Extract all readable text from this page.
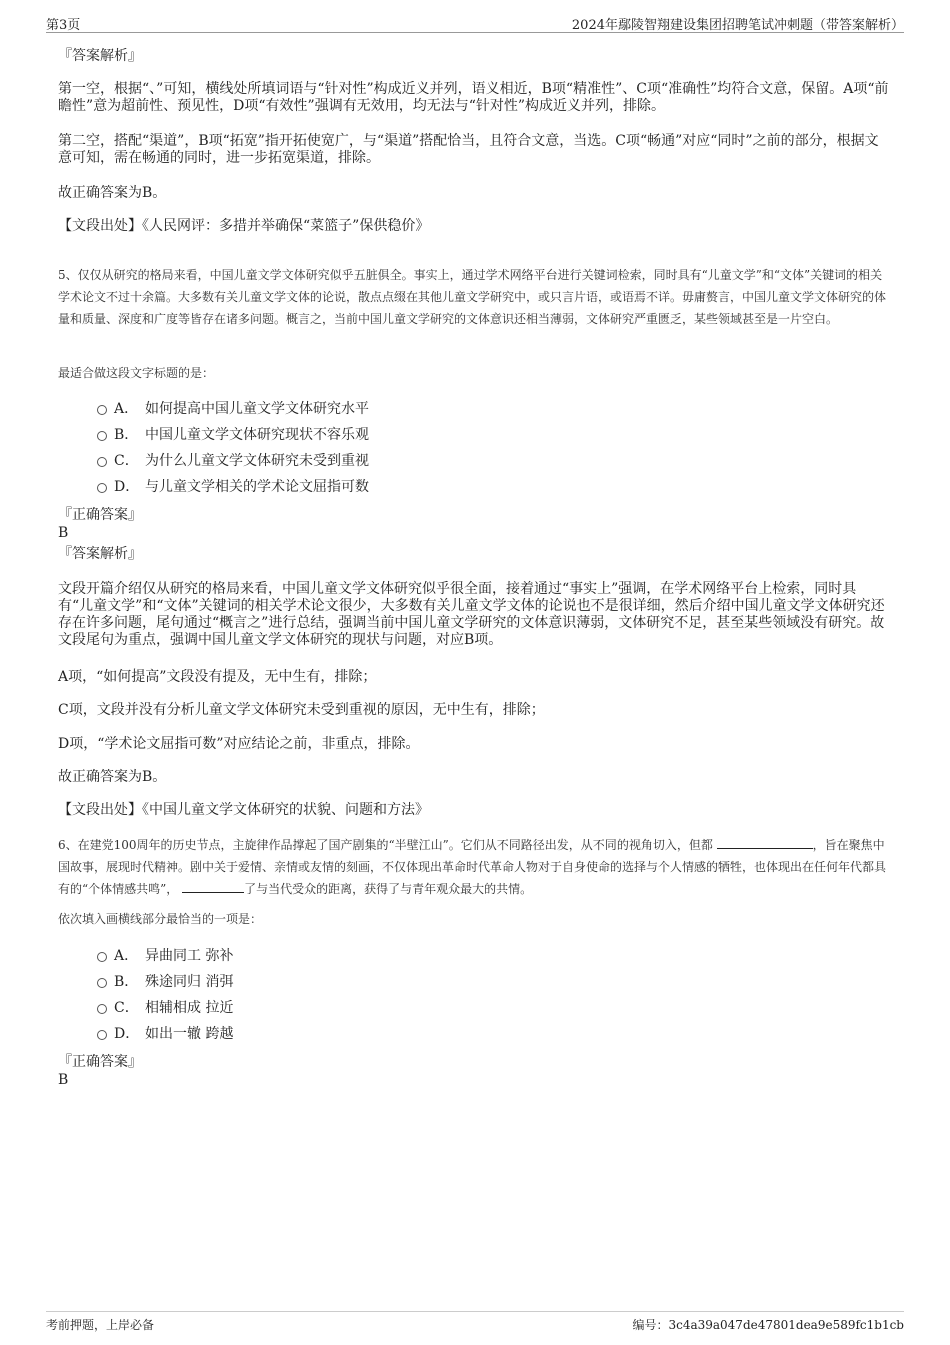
第3页	2024年鄢陵智翔建设集团招聘笔试冲刺题（带答案解析）
『答案解析』

第一空，根据“、”可知，横线处所填词语与“针对性”构成近义并列，语义相近，B项“精准性”、C项“准确性”均符合文意，保留。A项“前瞻性”意为超前性、预见性，D项“有效性”强调有无效用，均无法与“针对性”构成近义并列，排除。

第二空，搭配“渠道”，B项“拓宽”指开拓使宽广，与“渠道”搭配恰当，且符合文意，当选。C项“畅通”对应“同时”之前的部分，根据文意可知，需在畅通的同时，进一步拓宽渠道，排除。

故正确答案为B。
【文段出处】《人民网评：多措并举确保“菜篮子”保供稳价》

5、仅仅从研究的格局来看，中国儿童文学文体研究似乎五脏俱全。事实上，通过学术网络平台进行关键词检索，同时具有“儿童文学”和“文体”关键词的相关学术论文不过十余篇。大多数有关儿童文学文体的论说，散点点缀在其他儿童文学研究中，或只言片语，或语焉不详。毋庸赘言，中国儿童文学文体研究的体量和质量、深度和广度等皆存在诸多问题。概言之，当前中国儿童文学研究的文体意识还相当薄弱，文体研究严重匮乏，某些领域甚至是一片空白。

最适合做这段文字标题的是：
A． 如何提高中国儿童文学文体研究水平
B． 中国儿童文学文体研究现状不容乐观
C． 为什么儿童文学文体研究未受到重视
D． 与儿童文学相关的学术论文屈指可数
『正确答案』
B
『答案解析』

文段开篇介绍仅从研究的格局来看，中国儿童文学文体研究似乎很全面，接着通过“事实上”强调，在学术网络平台上检索，同时具有“儿童文学”和“文体”关键词的相关学术论文很少，大多数有关儿童文学文体的论说也不是很详细，然后介绍中国儿童文学文体研究还存在许多问题，尾句通过“概言之”进行总结，强调当前中国儿童文学研究的文体意识薄弱，文体研究不足，甚至某些领域没有研究。故文段尾句为重点，强调中国儿童文学文体研究的现状与问题，对应B项。

A项，“如何提高”文段没有提及，无中生有，排除；
C项，文段并没有分析儿童文学文体研究未受到重视的原因，无中生有，排除；
D项，“学术论文屈指可数”对应结论之前，非重点，排除。
故正确答案为B。
【文段出处】《中国儿童文学文体研究的状貌、问题和方法》

6、在建党100周年的历史节点，主旋律作品撑起了国产剧集的“半壁江山”。它们从不同路径出发，从不同的视角切入，但都	，旨在聚焦中国故事，展现时代精神。剧中关于爱情、亲情或友情的刻画，不仅体现出革命时代革命人物对于自身使命的选择与个人情感的牺牲，也体现出在任何年代都具有的“个体情感共鸣”，	了与当代受众的距离，获得了与青年观众最大的共情。

依次填入画横线部分最恰当的一项是：
A． 异曲同工 弥补
B． 殊途同归 消弭
C． 相辅相成 拉近
D． 如出一辙 跨越
『正确答案』
B
考前押题，上岸必备	编号：3c4a39a047de47801dea9e589fc1b1cb
